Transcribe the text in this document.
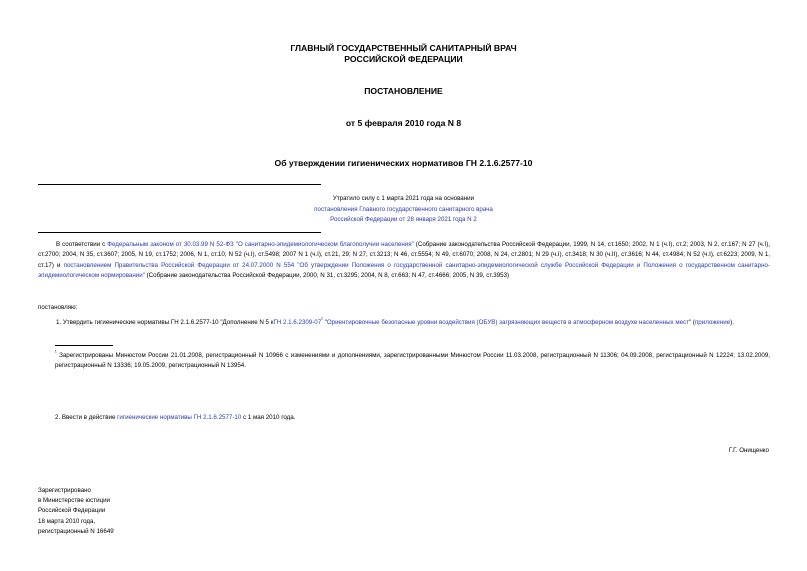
ГЛАВНЫЙ ГОСУДАРСТВЕННЫЙ САНИТАРНЫЙ ВРАЧ
РОССИЙСКОЙ ФЕДЕРАЦИИ
ПОСТАНОВЛЕНИЕ
от 5 февраля 2010 года N 8
Об утверждении гигиенических нормативов ГН 2.1.6.2577-10
Утратило силу с 1 марта 2021 года на основании
постановления Главного государственного санитарного врача
Российской Федерации от 28 января 2021 года N 2
В соответствии с Федеральным законом от 30.03.99 N 52-ФЗ "О санитарно-эпидемиологическом благополучии населения" (Собрание законодательства Российской Федерации, 1999, N 14, ст.1650; 2002, N 1 (ч.I), ст.2; 2003, N 2, ст.167; N 27 (ч.I), ст.2700; 2004, N 35, ст.3607; 2005, N 19, ст.1752; 2006, N 1, ст.10; N 52 (ч.I), ст.5498; 2007 N 1 (ч.I), ст.21, 29; N 27, ст.3213; N 46, ст.5554; N 49, ст.6070; 2008, N 24, ст.2801; N 29 (ч.I), ст.3418; N 30 (ч.II), ст.3616; N 44, ст.4984; N 52 (ч.I), ст.6223; 2009, N 1, ст.17) и постановлением Правительства Российской Федерации от 24.07.2000 N 554 "Об утверждении Положения о государственной санитарно-эпидемиологической службе Российской Федерации и Положения о государственном санитарно-эпидемиологическом нормировании" (Собрание законодательства Российской Федерации, 2000, N 31, ст.3295; 2004, N 8, ст.663; N 47, ст.4666; 2005, N 39, ст.3953)
постановляю:
1. Утвердить гигиенические нормативы ГН 2.1.6.2577-10 "Дополнение N 5 кГН $2.1.6.2309-07^{^1}$ "Ориентировочные безопасные уровни воздействия (ОБУВ) загрязняющих веществ в атмосферном воздухе населенных мест" (приложение).
$^{^1}$ Зарегистрированы Минюстом России 21.01.2008, регистрационный N 10966 с изменениями и дополнениями, зарегистрированными Минюстом России 11.03.2008, регистрационный N 11306; 04.09.2008, регистрационный N 12224; 13.02.2009, регистрационный N 13336; 19.05.2009, регистрационный N 13954.
2. Ввести в действие гигиенические нормативы ГН 2.1.6.2577-10 с 1 мая 2010 года.
Г.Г. Онищенко
Зарегистрировано
в Министерстве юстиции
Российской Федерации
18 марта 2010 года,
регистрационный N 16649
